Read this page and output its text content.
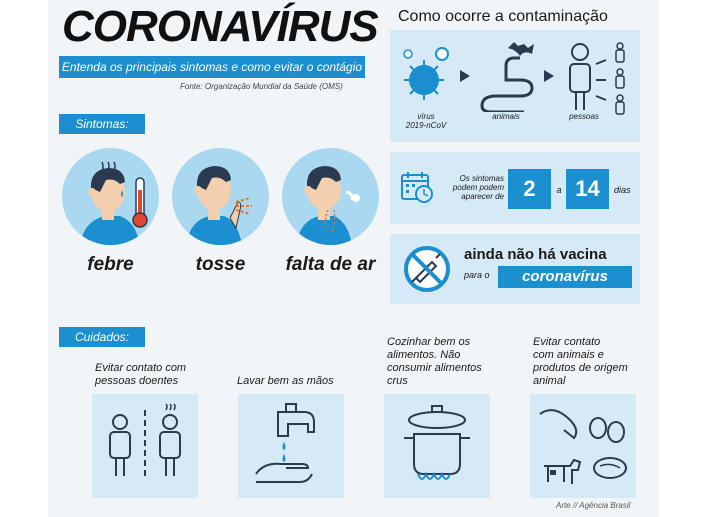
CORONAVÍRUS
Entenda os principais sintomas e como evitar o contágio
Fonte: Organização Mundial da Saúde (OMS)
Sintomas:
febre	tosse	falta de ar
Como ocorre a contaminação
vírus
2019-nCoV
animais	pessoas
Os sintomas
podem podem
aparecer de 2	a 14	dias
ainda não há vacina
para o	coronavírus
Cuidados:
Evitar contato com
pessoas doentes	Lavar bem as mãos
Cozinhar bem os
alimentos. Não
consumir alimentos
crus
Evitar contato
com animais e
produtos de origem
animal
Arte // Agência Brasil
